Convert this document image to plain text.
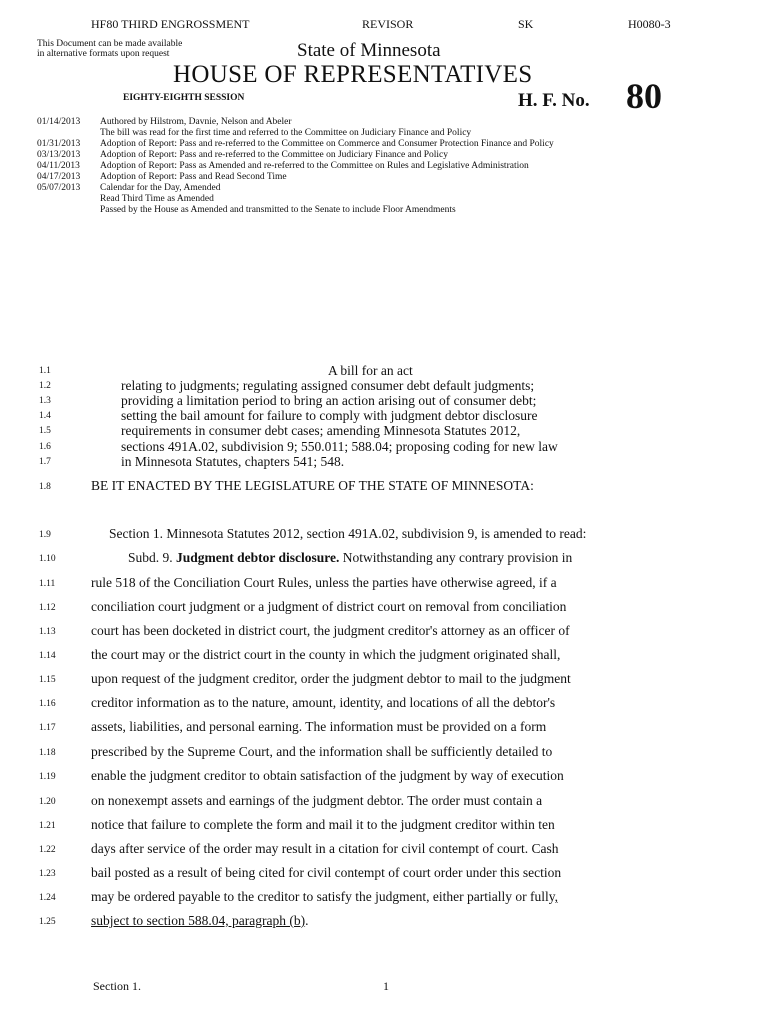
HF80 THIRD ENGROSSMENT	REVISOR	SK	H0080-3
This Document can be made available
in alternative formats upon request	State of Minnesota
HOUSE OF REPRESENTATIVES
EIGHTY-EIGHTH SESSION	H. F. No. 80
01/14/2013 Authored by Hilstrom, Davnie, Nelson and Abeler
The bill was read for the first time and referred to the Committee on Judiciary Finance and Policy
01/31/2013 Adoption of Report: Pass and re-referred to the Committee on Commerce and Consumer Protection Finance and Policy
03/13/2013 Adoption of Report: Pass and re-referred to the Committee on Judiciary Finance and Policy
04/11/2013 Adoption of Report: Pass as Amended and re-referred to the Committee on Rules and Legislative Administration
04/17/2013 Adoption of Report: Pass and Read Second Time
05/07/2013 Calendar for the Day, Amended
Read Third Time as Amended
Passed by the House as Amended and transmitted to the Senate to include Floor Amendments
1.1	A bill for an act
1.2	relating to judgments; regulating assigned consumer debt default judgments;
1.3	providing a limitation period to bring an action arising out of consumer debt;
1.4	setting the bail amount for failure to comply with judgment debtor disclosure
1.5	requirements in consumer debt cases; amending Minnesota Statutes 2012,
1.6	sections 491A.02, subdivision 9; 550.011; 588.04; proposing coding for new law
1.7	in Minnesota Statutes, chapters 541; 548.
1.8	BE IT ENACTED BY THE LEGISLATURE OF THE STATE OF MINNESOTA:
1.9	Section 1. Minnesota Statutes 2012, section 491A.02, subdivision 9, is amended to read:
1.10	Subd. 9. Judgment debtor disclosure. Notwithstanding any contrary provision in
1.11	rule 518 of the Conciliation Court Rules, unless the parties have otherwise agreed, if a
1.12	conciliation court judgment or a judgment of district court on removal from conciliation
1.13	court has been docketed in district court, the judgment creditor's attorney as an officer of
1.14	the court may or the district court in the county in which the judgment originated shall,
1.15	upon request of the judgment creditor, order the judgment debtor to mail to the judgment
1.16	creditor information as to the nature, amount, identity, and locations of all the debtor's
1.17	assets, liabilities, and personal earning. The information must be provided on a form
1.18	prescribed by the Supreme Court, and the information shall be sufficiently detailed to
1.19	enable the judgment creditor to obtain satisfaction of the judgment by way of execution
1.20	on nonexempt assets and earnings of the judgment debtor. The order must contain a
1.21	notice that failure to complete the form and mail it to the judgment creditor within ten
1.22	days after service of the order may result in a citation for civil contempt of court. Cash
1.23	bail posted as a result of being cited for civil contempt of court order under this section
1.24	may be ordered payable to the creditor to satisfy the judgment, either partially or fully,
1.25	subject to section 588.04, paragraph (b).
Section 1.	1
